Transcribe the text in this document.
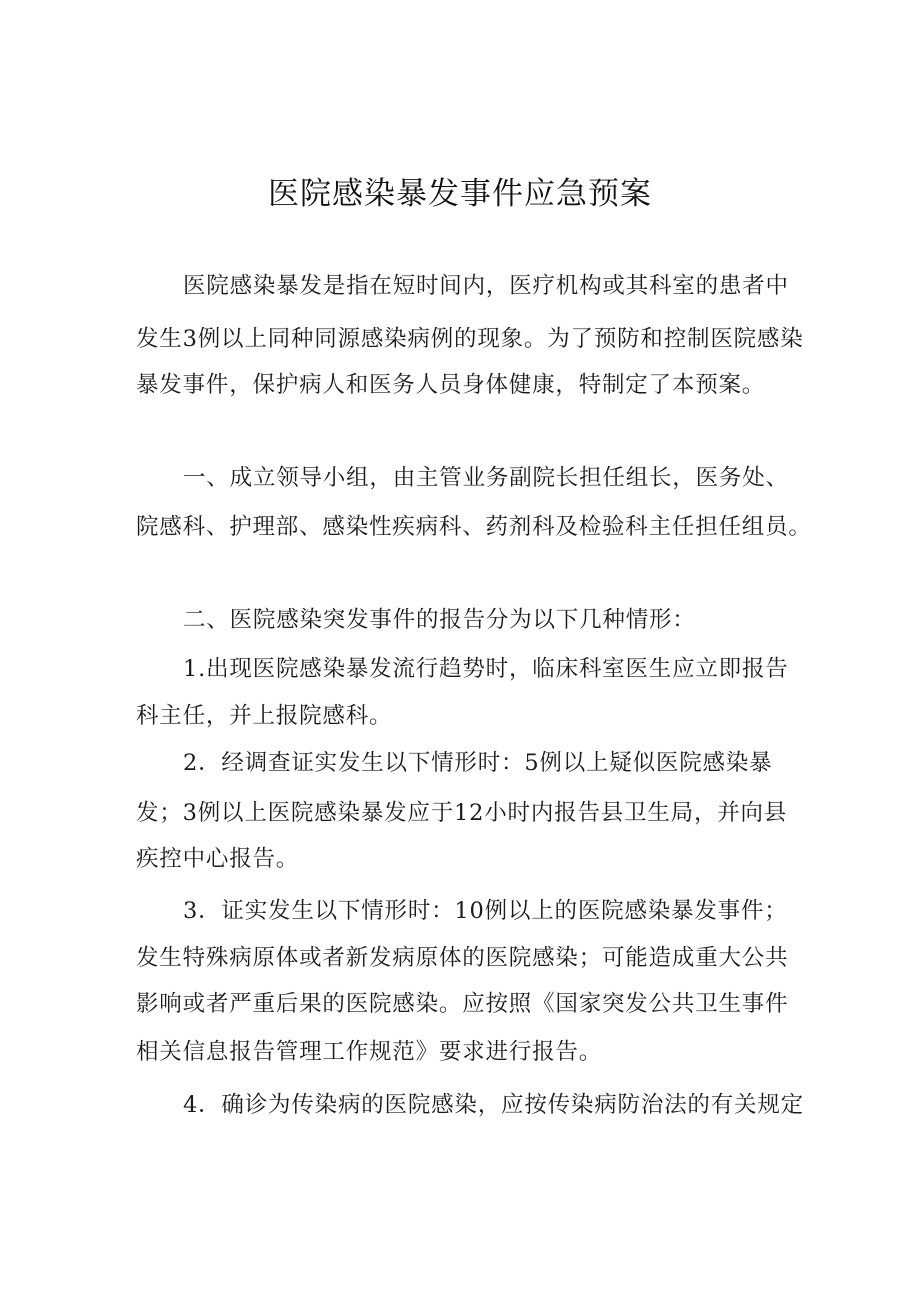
医院感染暴发事件应急预案
医院感染暴发是指在短时间内，医疗机构或其科室的患者中
发生3例以上同种同源感染病例的现象。为了预防和控制医院感染
暴发事件，保护病人和医务人员身体健康，特制定了本预案。
一、成立领导小组，由主管业务副院长担任组长，医务处、
院感科、护理部、感染性疾病科、药剂科及检验科主任担任组员。
二、医院感染突发事件的报告分为以下几种情形：
1.出现医院感染暴发流行趋势时，临床科室医生应立即报告
科主任，并上报院感科。
2．经调查证实发生以下情形时：5例以上疑似医院感染暴
发；3例以上医院感染暴发应于12小时内报告县卫生局，并向县
疾控中心报告。
3．证实发生以下情形时：10例以上的医院感染暴发事件；
发生特殊病原体或者新发病原体的医院感染；可能造成重大公共
影响或者严重后果的医院感染。应按照《国家突发公共卫生事件
相关信息报告管理工作规范》要求进行报告。
4．确诊为传染病的医院感染，应按传染病防治法的有关规定
